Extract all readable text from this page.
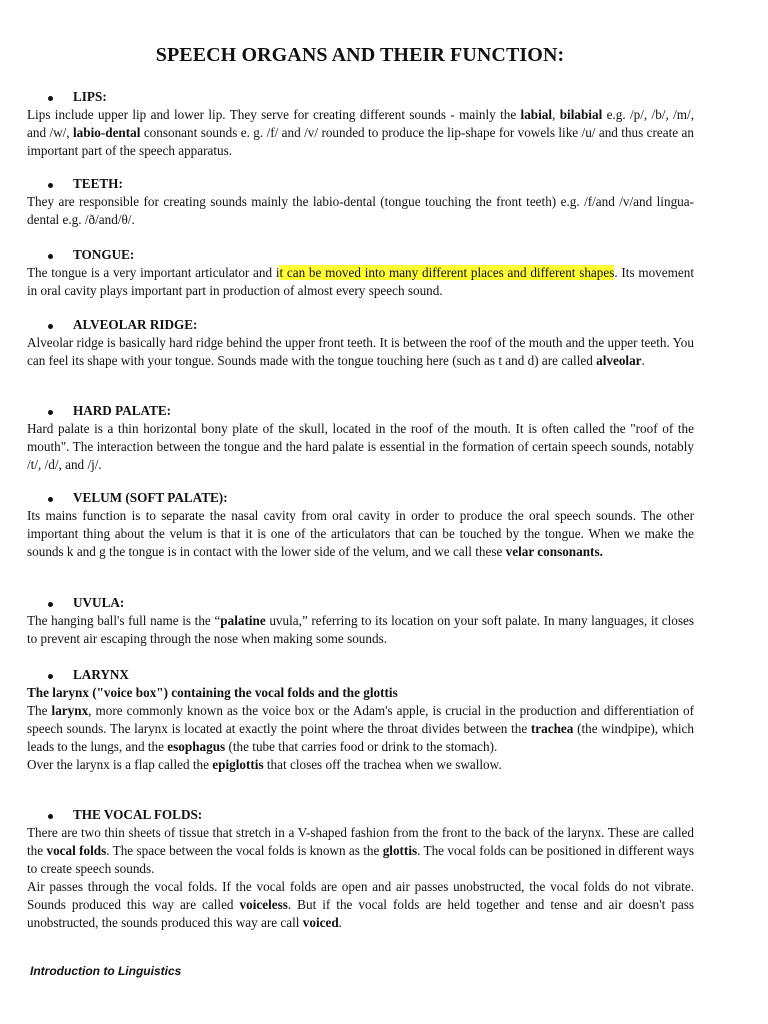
SPEECH ORGANS AND THEIR FUNCTION:
LIPS:
Lips include upper lip and lower lip. They serve for creating different sounds - mainly the labial, bilabial e.g. /p/, /b/, /m/, and /w/, labio-dental consonant sounds e. g. /f/ and /v/ rounded to produce the lip-shape for vowels like /u/ and thus create an important part of the speech apparatus.
TEETH:
They are responsible for creating sounds mainly the labio-dental (tongue touching the front teeth) e.g. /f/and /v/and lingua-dental e.g. /ð/and/θ/.
TONGUE:
The tongue is a very important articulator and it can be moved into many different places and different shapes. Its movement in oral cavity plays important part in production of almost every speech sound.
ALVEOLAR RIDGE:
Alveolar ridge is basically hard ridge behind the upper front teeth. It is between the roof of the mouth and the upper teeth. You can feel its shape with your tongue. Sounds made with the tongue touching here (such as t and d) are called alveolar.
HARD PALATE:
Hard palate is a thin horizontal bony plate of the skull, located in the roof of the mouth. It is often called the "roof of the mouth". The interaction between the tongue and the hard palate is essential in the formation of certain speech sounds, notably /t/, /d/, and /j/.
VELUM (SOFT PALATE):
Its mains function is to separate the nasal cavity from oral cavity in order to produce the oral speech sounds. The other important thing about the velum is that it is one of the articulators that can be touched by the tongue. When we make the sounds k and g the tongue is in contact with the lower side of the velum, and we call these velar consonants.
UVULA:
The hanging ball's full name is the “palatine uvula,” referring to its location on your soft palate. In many languages, it closes to prevent air escaping through the nose when making some sounds.
LARYNX
The larynx ("voice box") containing the vocal folds and the glottis
The larynx, more commonly known as the voice box or the Adam's apple, is crucial in the production and differentiation of speech sounds. The larynx is located at exactly the point where the throat divides between the trachea (the windpipe), which leads to the lungs, and the esophagus (the tube that carries food or drink to the stomach).
Over the larynx is a flap called the epiglottis that closes off the trachea when we swallow.
THE VOCAL FOLDS:
There are two thin sheets of tissue that stretch in a V-shaped fashion from the front to the back of the larynx. These are called the vocal folds. The space between the vocal folds is known as the glottis. The vocal folds can be positioned in different ways to create speech sounds.
Air passes through the vocal folds. If the vocal folds are open and air passes unobstructed, the vocal folds do not vibrate. Sounds produced this way are called voiceless. But if the vocal folds are held together and tense and air doesn't pass unobstructed, the sounds produced this way are call voiced.
Introduction to Linguistics
